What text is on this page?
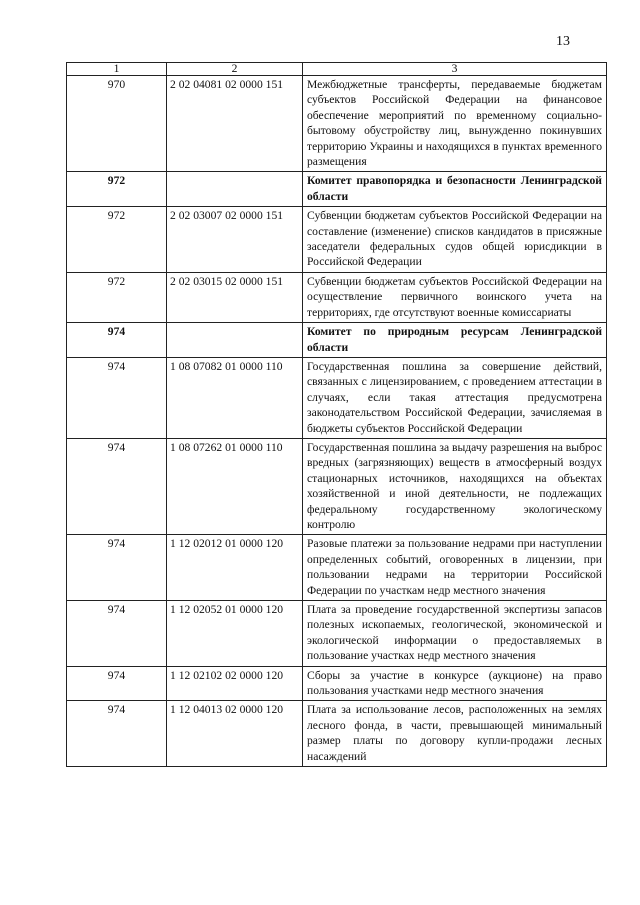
13
1	2	3
970	2 02 04081 02 0000 151	Межбюджетные трансферты, передаваемые бюджетам субъектов Российской Федерации на финансовое обеспечение мероприятий по временному социально-бытовому обустройству лиц, вынужденно покинувших территорию Украины и находящихся в пунктах временного размещения
972		Комитет правопорядка и безопасности Ленинградской области
972	2 02 03007 02 0000 151	Субвенции бюджетам субъектов Российской Федерации на составление (изменение) списков кандидатов в присяжные заседатели федеральных судов общей юрисдикции в Российской Федерации
972	2 02 03015 02 0000 151	Субвенции бюджетам субъектов Российской Федерации на осуществление первичного воинского учета на территориях, где отсутствуют военные комиссариаты
974		Комитет по природным ресурсам Ленинградской области
974	1 08 07082 01 0000 110	Государственная пошлина за совершение действий, связанных с лицензированием, с проведением аттестации в случаях, если такая аттестация предусмотрена законодательством Российской Федерации, зачисляемая в бюджеты субъектов Российской Федерации
974	1 08 07262 01 0000 110	Государственная пошлина за выдачу разрешения на выброс вредных (загрязняющих) веществ в атмосферный воздух стационарных источников, находящихся на объектах хозяйственной и иной деятельности, не подлежащих федеральному государственному экологическому контролю
974	1 12 02012 01 0000 120	Разовые платежи за пользование недрами при наступлении определенных событий, оговоренных в лицензии, при пользовании недрами на территории Российской Федерации по участкам недр местного значения
974	1 12 02052 01 0000 120	Плата за проведение государственной экспертизы запасов полезных ископаемых, геологической, экономической и экологической информации о предоставляемых в пользование участках недр местного значения
974	1 12 02102 02 0000 120	Сборы за участие в конкурсе (аукционе) на право пользования участками недр местного значения
974	1 12 04013 02 0000 120	Плата за использование лесов, расположенных на землях лесного фонда, в части, превышающей минимальный размер платы по договору купли-продажи лесных насаждений
